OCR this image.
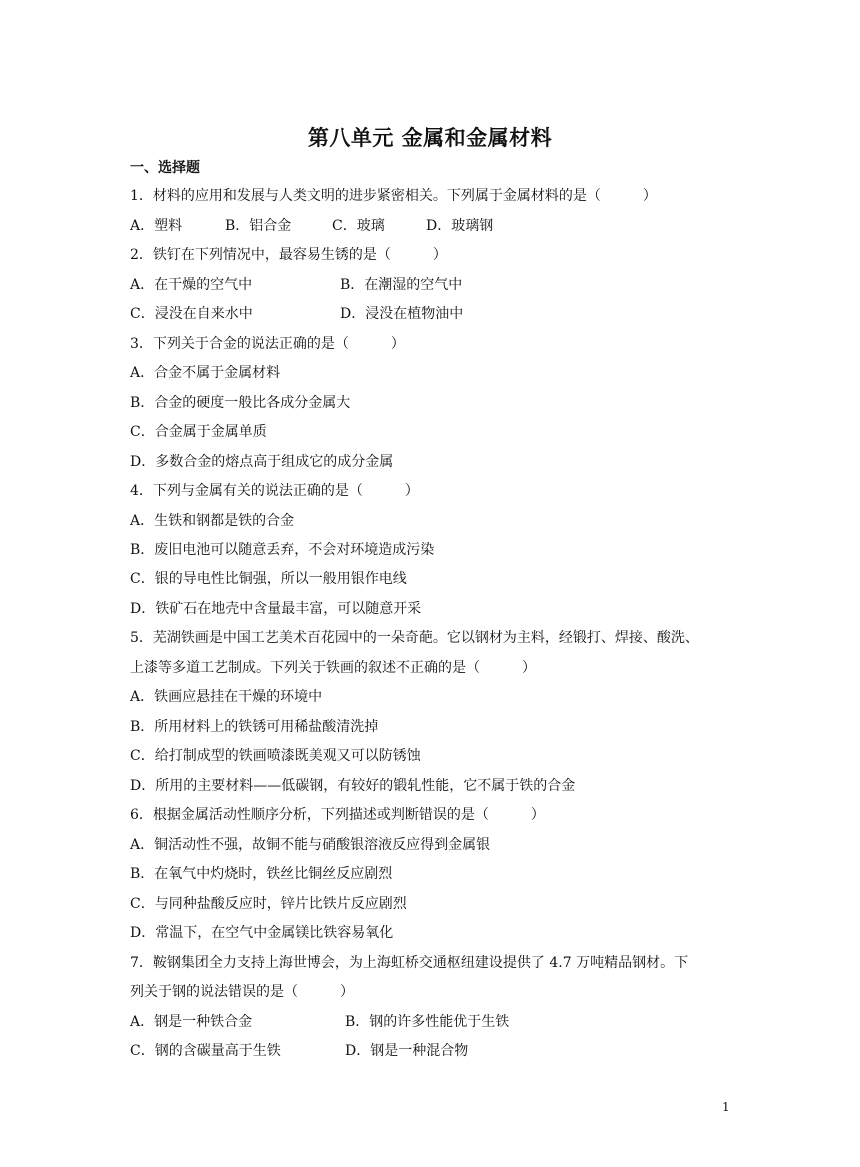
第八单元 金属和金属材料
一、选择题
1．材料的应用和发展与人类文明的进步紧密相关。下列属于金属材料的是（　　　）
A．塑料	B．铝合金	C．玻璃	D．玻璃钢
2．铁钉在下列情况中，最容易生锈的是（　　　）
A．在干燥的空气中	B．在潮湿的空气中
C．浸没在自来水中	D．浸没在植物油中
3．下列关于合金的说法正确的是（　　　）
A．合金不属于金属材料
B．合金的硬度一般比各成分金属大
C．合金属于金属单质
D．多数合金的熔点高于组成它的成分金属
4．下列与金属有关的说法正确的是（　　　）
A．生铁和钢都是铁的合金
B．废旧电池可以随意丢弃，不会对环境造成污染
C．银的导电性比铜强，所以一般用银作电线
D．铁矿石在地壳中含量最丰富，可以随意开采
5．芜湖铁画是中国工艺美术百花园中的一朵奇葩。它以钢材为主料，经锻打、焊接、酸洗、
上漆等多道工艺制成。下列关于铁画的叙述不正确的是（　　　）
A．铁画应悬挂在干燥的环境中
B．所用材料上的铁锈可用稀盐酸清洗掉
C．给打制成型的铁画喷漆既美观又可以防锈蚀
D．所用的主要材料——低碳钢，有较好的锻轧性能，它不属于铁的合金
6．根据金属活动性顺序分析，下列描述或判断错误的是（　　　）
A．铜活动性不强，故铜不能与硝酸银溶液反应得到金属银
B．在氧气中灼烧时，铁丝比铜丝反应剧烈
C．与同种盐酸反应时，锌片比铁片反应剧烈
D．常温下，在空气中金属镁比铁容易氧化
7．鞍钢集团全力支持上海世博会，为上海虹桥交通枢纽建设提供了 4.7 万吨精品钢材。下
列关于钢的说法错误的是（　　　）
A．钢是一种铁合金	B．钢的许多性能优于生铁
C．钢的含碳量高于生铁	D．钢是一种混合物
1
